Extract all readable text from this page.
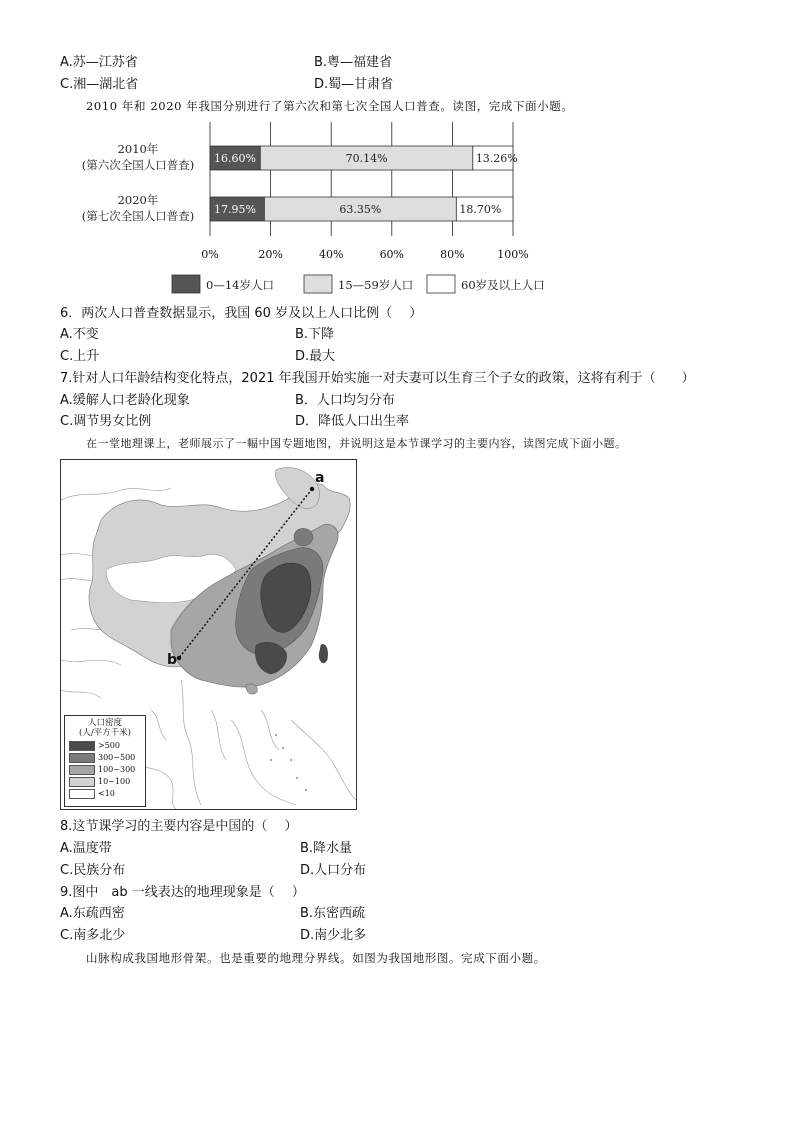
A.苏—江苏省	B.粤—福建省
C.湘—湖北省	D.蜀—甘肃省
2010 年和 2020 年我国分别进行了第六次和第七次全国人口普查。读图，完成下面小题。
0%	20%	40%	60%	80%	100%
2010年
(第六次全国人口普查)
2020年
(第七次全国人口普查)
16.60%	70.14%	13.26%
17.95%	63.35%	18.70%
0—14岁人口	15—59岁人口	60岁及以上人口
6．两次人口普查数据显示，我国 60 岁及以上人口比例（　 ）
A.不变	B.下降
C.上升	D.最大
7.针对人口年龄结构变化特点，2021 年我国开始实施一对夫妻可以生育三个子女的政策，这将有利于（　　）
A.缓解人口老龄化现象	B．人口均匀分布
C.调节男女比例	D．降低人口出生率
在一堂地理课上，老师展示了一幅中国专题地图，并说明这是本节课学习的主要内容，读图完成下面小题。
a
b
人口密度
(人/平方千米)
>500
300~500
100~300
10~100
<10
8.这节课学习的主要内容是中国的（　 ）
A.温度带	B.降水量
C.民族分布	D.人口分布
9.图中　ab 一线表达的地理现象是（　 ）
A.东疏西密	B.东密西疏
C.南多北少	D.南少北多
山脉构成我国地形骨架。也是重要的地理分界线。如图为我国地形图。完成下面小题。
